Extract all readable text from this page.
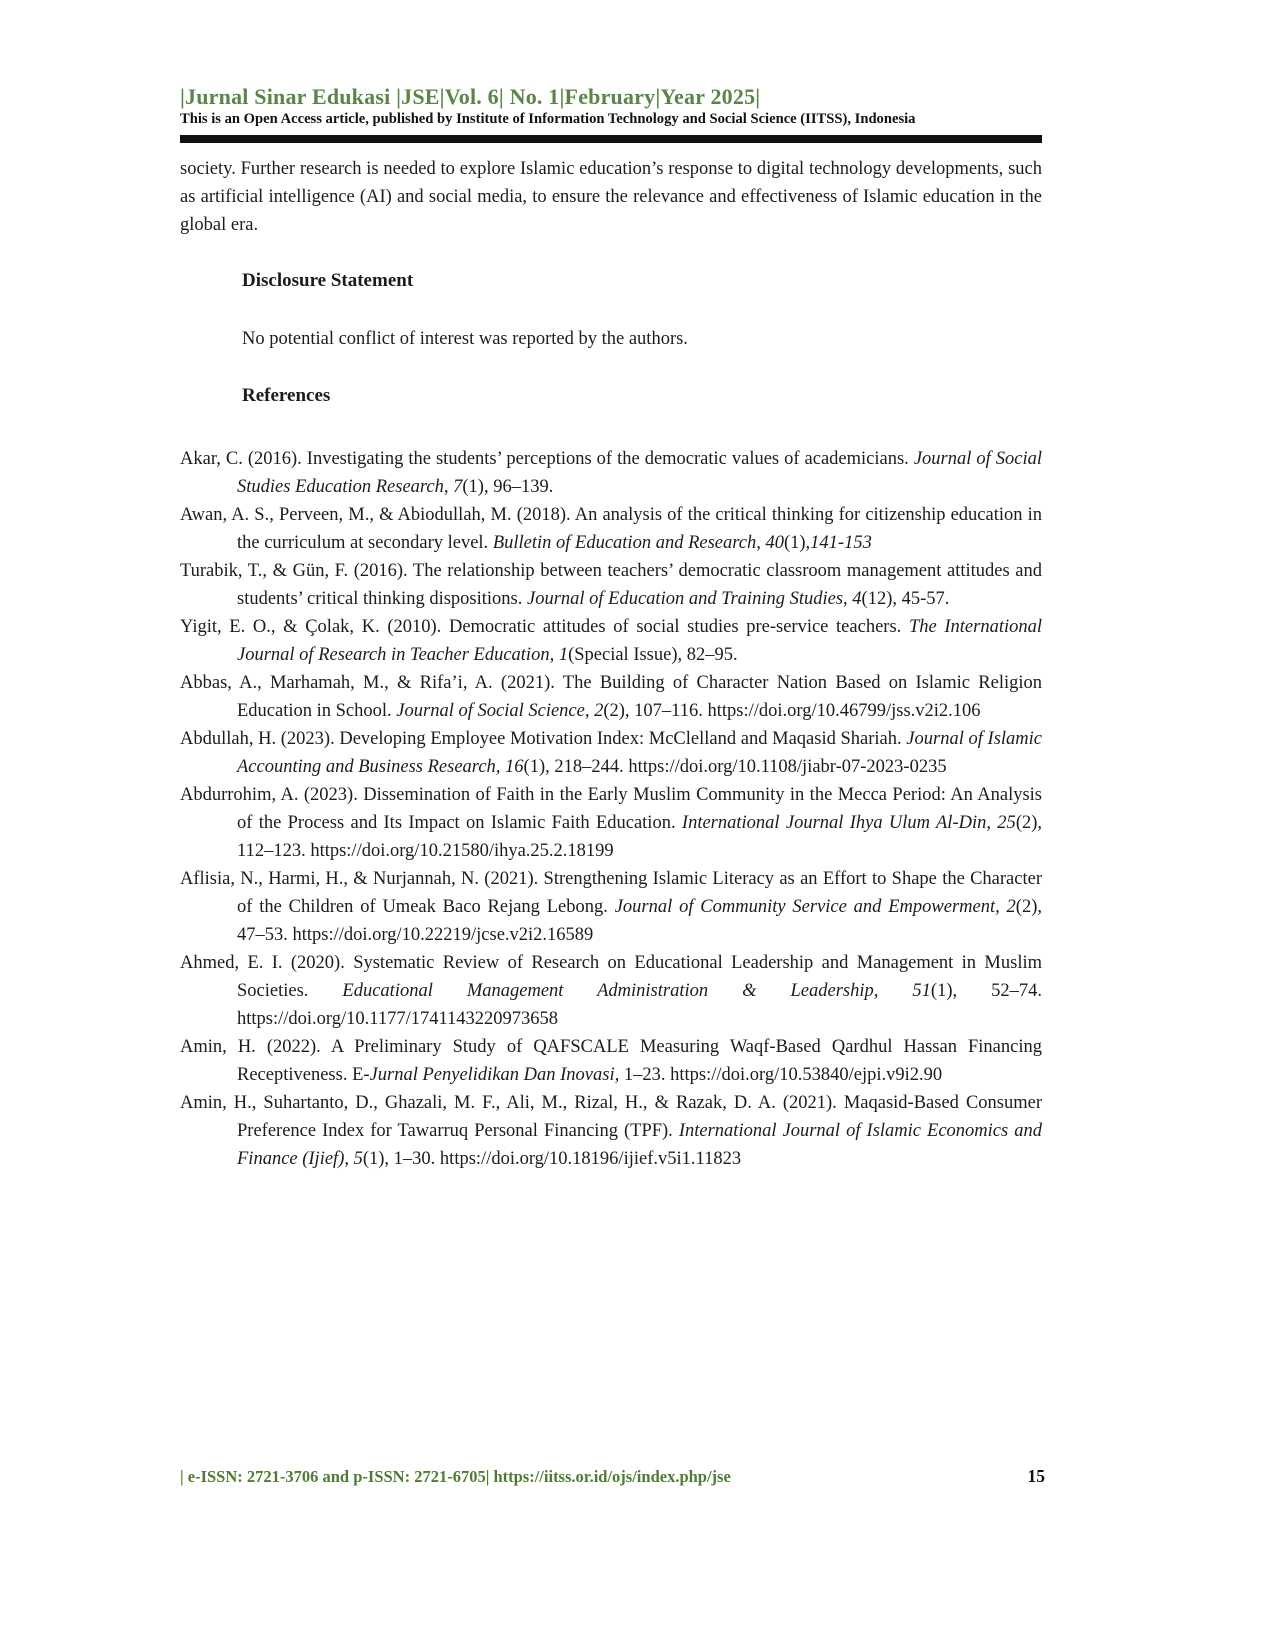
|Jurnal Sinar Edukasi |JSE|Vol. 6| No. 1|February|Year 2025|
This is an Open Access article, published by Institute of Information Technology and Social Science (IITSS), Indonesia

society. Further research is needed to explore Islamic education’s response to digital technology developments, such as artificial intelligence (AI) and social media, to ensure the relevance and effectiveness of Islamic education in the global era.

Disclosure Statement

No potential conflict of interest was reported by the authors.

References

Akar, C. (2016). Investigating the students’ perceptions of the democratic values of academicians. Journal of Social Studies Education Research, 7(1), 96–139.

Awan, A. S., Perveen, M., & Abiodullah, M. (2018). An analysis of the critical thinking for citizenship education in the curriculum at secondary level. Bulletin of Education and Research, 40(1),141-153

Turabik, T., & Gün, F. (2016). The relationship between teachers’ democratic classroom management attitudes and students’ critical thinking dispositions. Journal of Education and Training Studies, 4(12), 45-57.

Yigit, E. O., & Çolak, K. (2010). Democratic attitudes of social studies pre-service teachers. The International Journal of Research in Teacher Education, 1(Special Issue), 82–95.

Abbas, A., Marhamah, M., & Rifa’i, A. (2021). The Building of Character Nation Based on Islamic Religion Education in School. Journal of Social Science, 2(2), 107–116. https://doi.org/10.46799/jss.v2i2.106

Abdullah, H. (2023). Developing Employee Motivation Index: McClelland and Maqasid Shariah. Journal of Islamic Accounting and Business Research, 16(1), 218–244. https://doi.org/10.1108/jiabr-07-2023-0235

Abdurrohim, A. (2023). Dissemination of Faith in the Early Muslim Community in the Mecca Period: An Analysis of the Process and Its Impact on Islamic Faith Education. International Journal Ihya Ulum Al-Din, 25(2), 112–123. https://doi.org/10.21580/ihya.25.2.18199

Aflisia, N., Harmi, H., & Nurjannah, N. (2021). Strengthening Islamic Literacy as an Effort to Shape the Character of the Children of Umeak Baco Rejang Lebong. Journal of Community Service and Empowerment, 2(2), 47–53. https://doi.org/10.22219/jcse.v2i2.16589

Ahmed, E. I. (2020). Systematic Review of Research on Educational Leadership and Management in Muslim Societies. Educational Management Administration & Leadership, 51(1), 52–74. https://doi.org/10.1177/1741143220973658

Amin, H. (2022). A Preliminary Study of QAFSCALE Measuring Waqf-Based Qardhul Hassan Financing Receptiveness. E-Jurnal Penyelidikan Dan Inovasi, 1–23. https://doi.org/10.53840/ejpi.v9i2.90

Amin, H., Suhartanto, D., Ghazali, M. F., Ali, M., Rizal, H., & Razak, D. A. (2021). Maqasid-Based Consumer Preference Index for Tawarruq Personal Financing (TPF). International Journal of Islamic Economics and Finance (Ijief), 5(1), 1–30. https://doi.org/10.18196/ijief.v5i1.11823

| e-ISSN: 2721-3706 and p-ISSN: 2721-6705| https://iitss.or.id/ojs/index.php/jse	15
